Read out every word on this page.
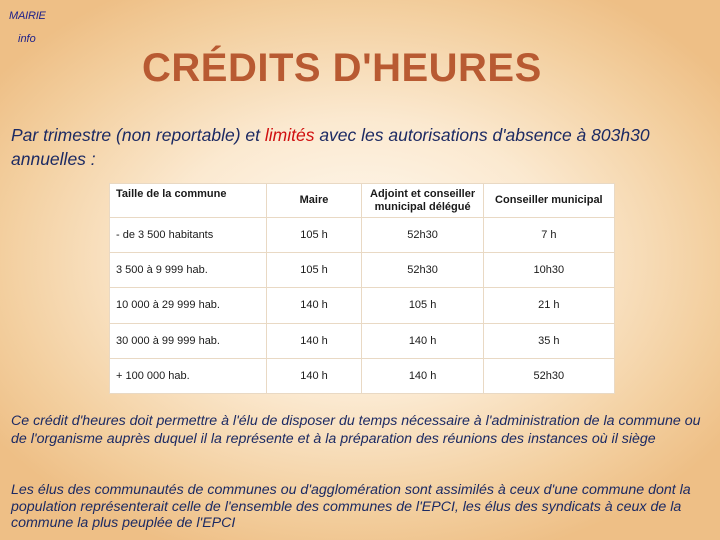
MAIRIE
info
CRÉDITS D'HEURES
Par trimestre (non reportable) et limités avec les autorisations d'absence à 803h30 annuelles :
Taille de la commune	Maire	Adjoint et conseiller municipal délégué	Conseiller municipal
- de 3 500 habitants	105 h	52h30	7 h
3 500 à 9 999 hab.	105 h	52h30	10h30
10 000 à 29 999 hab.	140 h	105 h	21 h
30 000 à 99 999 hab.	140 h	140 h	35 h
+ 100 000 hab.	140 h	140 h	52h30
Ce crédit d'heures doit permettre à l'élu de disposer du temps nécessaire à l'administration de la commune ou de l'organisme auprès duquel il la représente et à la préparation des réunions des instances où il siège
Les élus des communautés de communes ou d'agglomération sont assimilés à ceux d'une commune dont la population représenterait celle de l'ensemble des communes de l'EPCI, les élus des syndicats à ceux de la commune la plus peuplée de l'EPCI
